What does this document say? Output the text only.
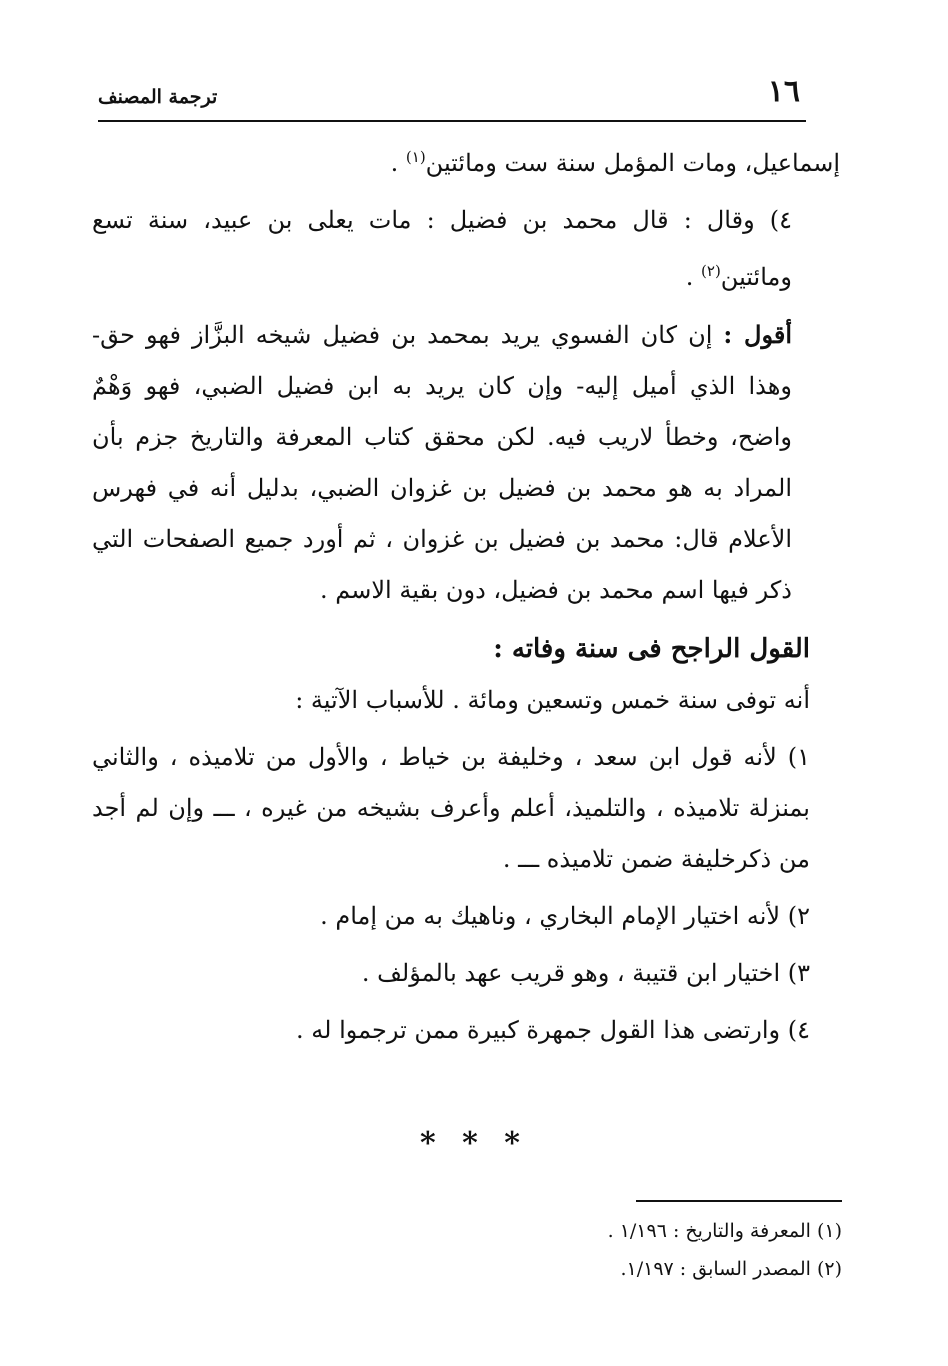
١٦
ترجمة المصنف

إسماعيل، ومات المؤمل سنة ست ومائتين$^{(١)}$ .

٤) وقال : قال محمد بن فضيل : مات يعلى بن عبيد، سنة تسع ومائتين$^{(٢)}$ .

أقول : إن كان الفسوي يريد بمحمد بن فضيل شيخه البزَّاز فهو حق-وهذا الذي أميل إليه- وإن كان يريد به ابن فضيل الضبي، فهو وَهْمٌ واضح، وخطأ لاريب فيه. لكن محقق كتاب المعرفة والتاريخ جزم بأن المراد به هو محمد بن فضيل بن غزوان الضبي، بدليل أنه في فهرس الأعلام قال: محمد بن فضيل بن غزوان ، ثم أورد جميع الصفحات التي ذكر فيها اسم محمد بن فضيل، دون بقية الاسم .

القول الراجح فى سنة وفاته :

أنه توفى سنة خمس وتسعين ومائة . للأسباب الآتية :

١) لأنه قول ابن سعد ، وخليفة بن خياط ، والأول من تلاميذه ، والثاني بمنزلة تلاميذه ، والتلميذ، أعلم وأعرف بشيخه من غيره ، ـــ وإن لم أجد من ذكرخليفة ضمن تلاميذه ـــ .

٢) لأنه اختيار الإمام البخاري ، وناهيك به من إمام .

٣) اختيار ابن قتيبة ، وهو قريب عهد بالمؤلف .

٤) وارتضى هذا القول جمهرة كبيرة ممن ترجموا له .

* * *

(١) المعرفة والتاريخ : ١/١٩٦ .

(٢) المصدر السابق : ١/١٩٧.
